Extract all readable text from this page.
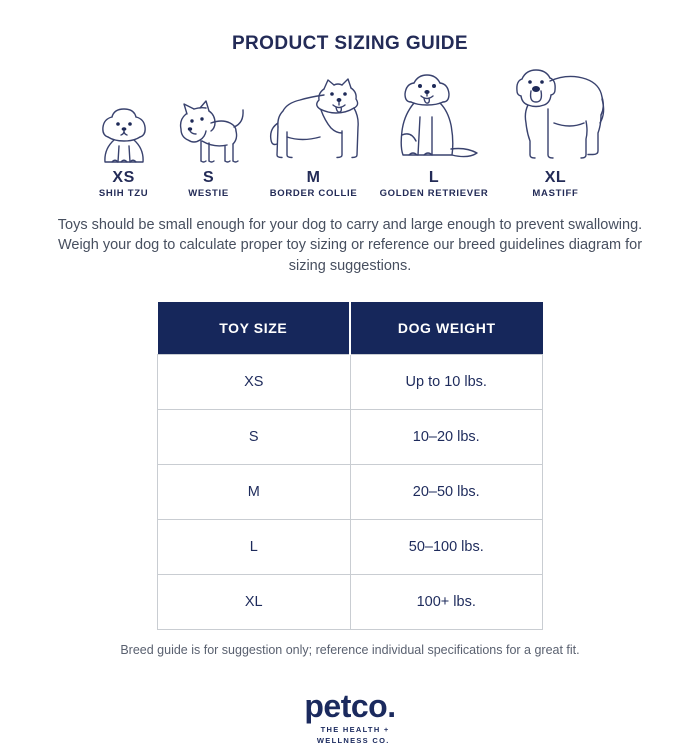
PRODUCT SIZING GUIDE
XS
SHIH TZU
S
WESTIE
M
BORDER COLLIE
L
GOLDEN RETRIEVER
XL
MASTIFF
Toys should be small enough for your dog to carry and large enough to prevent swallowing. Weigh your dog to calculate proper toy sizing or reference our breed guidelines diagram for sizing suggestions.
TOY SIZE	DOG WEIGHT
XS	Up to 10 lbs.
S	10–20 lbs.
M	20–50 lbs.
L	50–100 lbs.
XL	100+ lbs.
Breed guide is for suggestion only; reference individual specifications for a great fit.
petco.
THE HEALTH +
WELLNESS CO.
